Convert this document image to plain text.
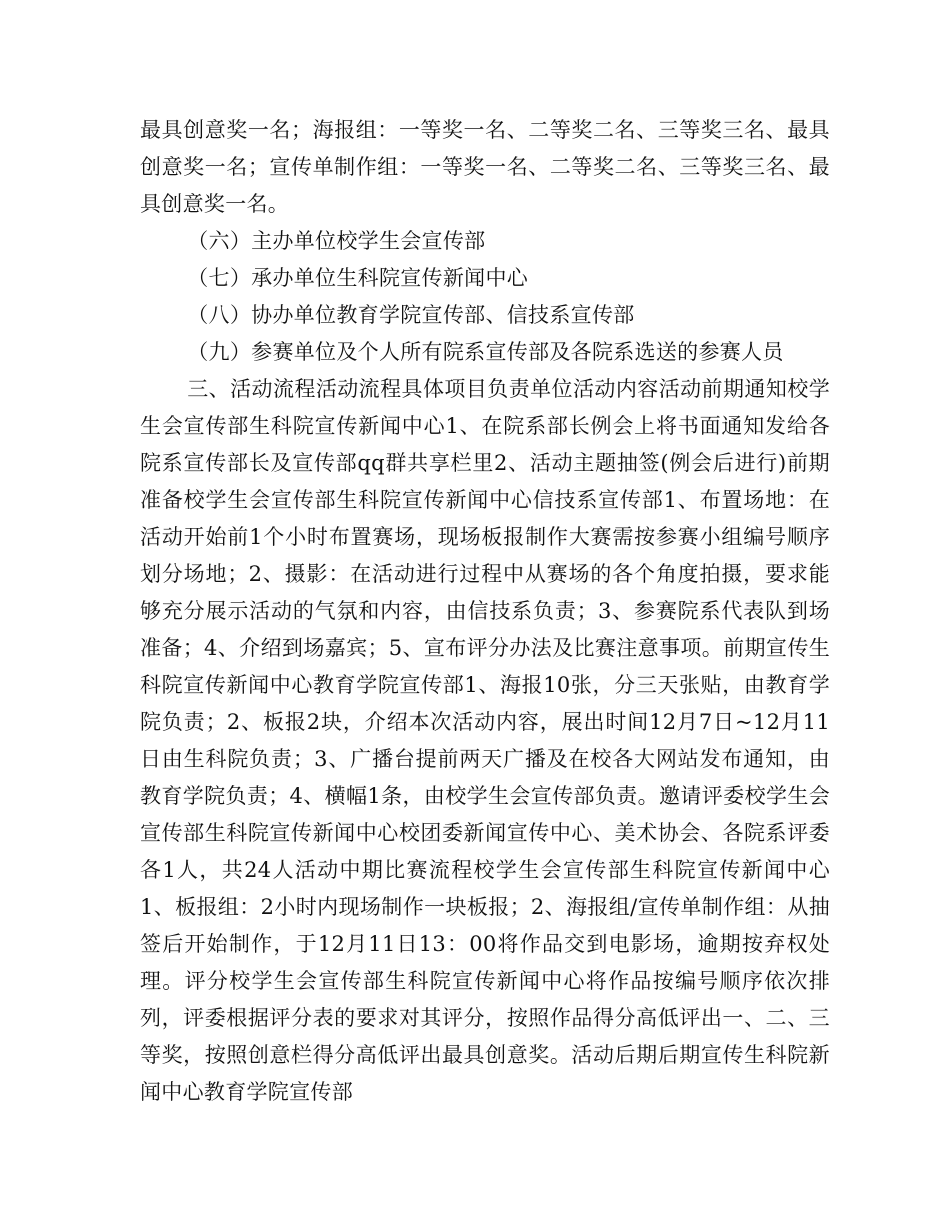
最具创意奖一名；海报组：一等奖一名、二等奖二名、三等奖三名、最具创意奖一名；宣传单制作组：一等奖一名、二等奖二名、三等奖三名、最具创意奖一名。

（六）主办单位校学生会宣传部

（七）承办单位生科院宣传新闻中心

（八）协办单位教育学院宣传部、信技系宣传部

（九）参赛单位及个人所有院系宣传部及各院系选送的参赛人员

三、活动流程活动流程具体项目负责单位活动内容活动前期通知校学生会宣传部生科院宣传新闻中心1、在院系部长例会上将书面通知发给各院系宣传部长及宣传部qq群共享栏里2、活动主题抽签(例会后进行)前期准备校学生会宣传部生科院宣传新闻中心信技系宣传部1、布置场地：在活动开始前1个小时布置赛场，现场板报制作大赛需按参赛小组编号顺序划分场地；2、摄影：在活动进行过程中从赛场的各个角度拍摄，要求能够充分展示活动的气氛和内容，由信技系负责；3、参赛院系代表队到场准备；4、介绍到场嘉宾；5、宣布评分办法及比赛注意事项。前期宣传生科院宣传新闻中心教育学院宣传部1、海报10张，分三天张贴，由教育学院负责；2、板报2块，介绍本次活动内容，展出时间12月7日~12月11日由生科院负责；3、广播台提前两天广播及在校各大网站发布通知，由教育学院负责；4、横幅1条，由校学生会宣传部负责。邀请评委校学生会宣传部生科院宣传新闻中心校团委新闻宣传中心、美术协会、各院系评委各1人，共24人活动中期比赛流程校学生会宣传部生科院宣传新闻中心1、板报组：2小时内现场制作一块板报；2、海报组/宣传单制作组：从抽签后开始制作，于12月11日13：00将作品交到电影场，逾期按弃权处理。评分校学生会宣传部生科院宣传新闻中心将作品按编号顺序依次排列，评委根据评分表的要求对其评分，按照作品得分高低评出一、二、三等奖，按照创意栏得分高低评出最具创意奖。活动后期后期宣传生科院新闻中心教育学院宣传部
